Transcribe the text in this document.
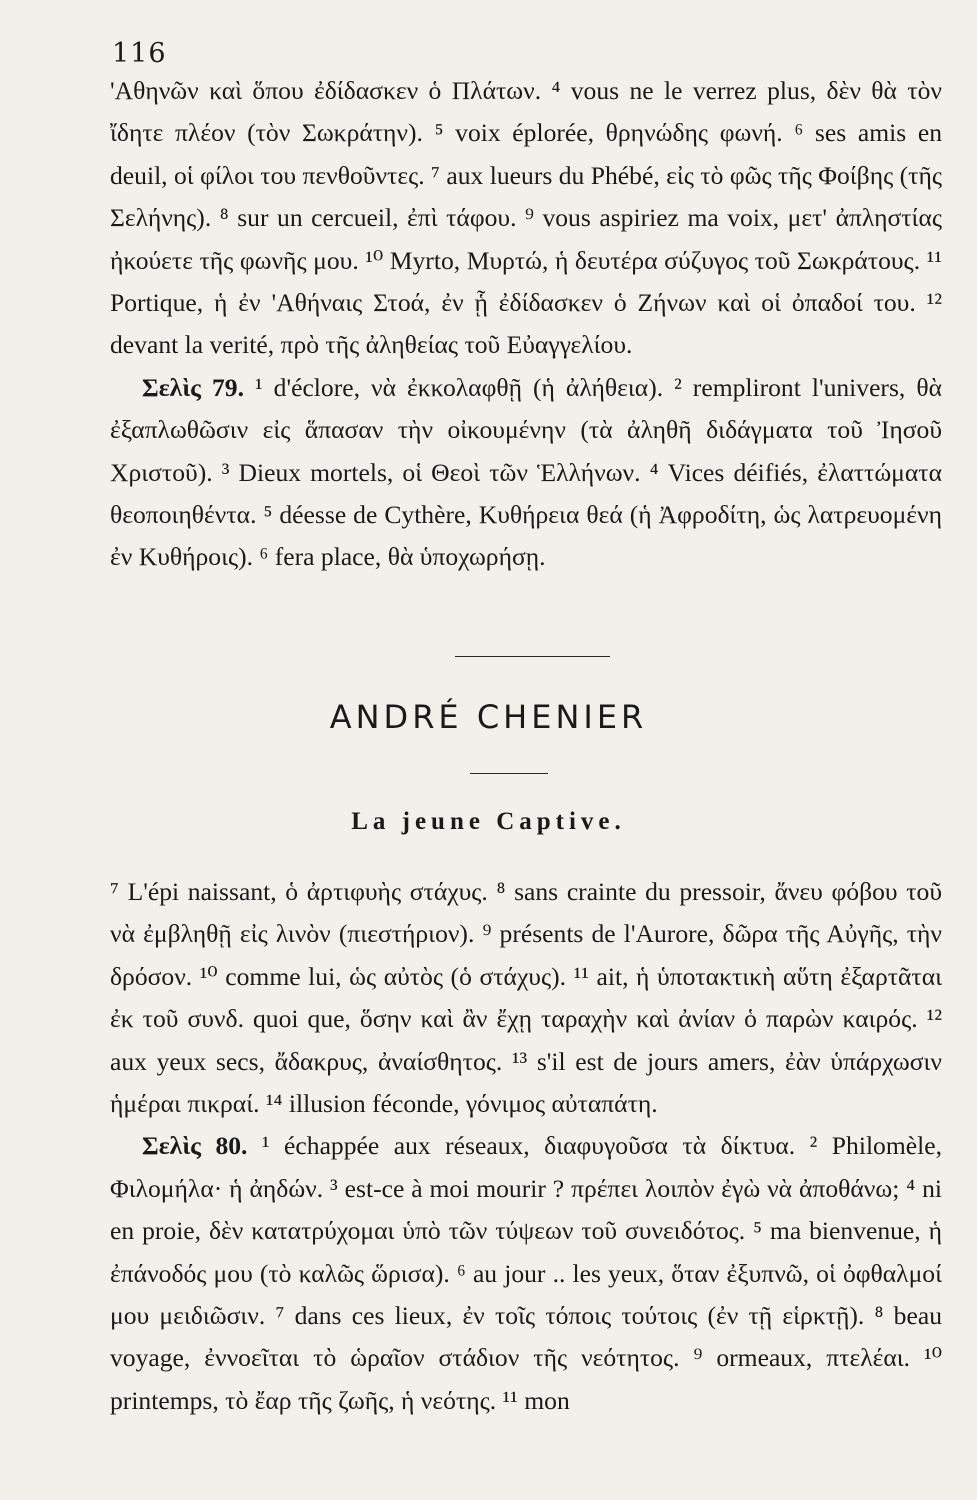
116

'Αθηνῶν καὶ ὅπου ἐδίδασκεν ὁ Πλάτων. ⁴ vous ne le verrez plus, δὲν θὰ τὸν ἴδητε πλέον (τὸν Σωκράτην). ⁵ voix éplorée, θρηνώδης φωνή. ⁶ ses amis en deuil, οἱ φίλοι του πενθοῦντες. ⁷ aux lueurs du Phébé, εἰς τὸ φῶς τῆς Φοίβης (τῆς Σελήνης). ⁸ sur un cercueil, ἐπὶ τάφου. ⁹ vous aspiriez ma voix, μετ' ἀπληστίας ἠκούετε τῆς φωνῆς μου. ¹⁰ Myrto, Μυρτώ, ἡ δευτέρα σύζυγος τοῦ Σωκράτους. ¹¹ Portique, ἡ ἐν 'Αθήναις Στοά, ἐν ᾗ ἐδίδασκεν ὁ Ζήνων καὶ οἱ ὀπαδοί του. ¹² devant la verité, πρὸ τῆς ἀληθείας τοῦ Εὐαγγελίου.

Σελὶς 79. ¹ d'éclore, νὰ ἐκκολαφθῇ (ἡ ἀλήθεια). ² rempliront l'univers, θὰ ἐξαπλωθῶσιν εἰς ἅπασαν τὴν οἰκουμένην (τὰ ἀληθῆ διδάγματα τοῦ Ἰησοῦ Χριστοῦ). ³ Dieux mortels, οἱ Θεοὶ τῶν Ἑλλήνων. ⁴ Vices déifiés, ἐλαττώματα θεοποιηθέντα. ⁵ déesse de Cythère, Κυθήρεια θεά (ἡ Ἀφροδίτη, ὡς λατρευομένη ἐν Κυθήροις). ⁶ fera place, θὰ ὑποχωρήσῃ.

ANDRÉ CHENIER
La jeune Captive.

⁷ L'épi naissant, ὁ ἀρτιφυὴς στάχυς. ⁸ sans crainte du pressoir, ἄνευ φόβου τοῦ νὰ ἐμβληθῇ εἰς λινὸν (πιεστήριον). ⁹ présents de l'Aurore, δῶρα τῆς Αὐγῆς, τὴν δρόσον. ¹⁰ comme lui, ὡς αὐτὸς (ὁ στάχυς). ¹¹ ait, ἡ ὑποτακτικὴ αὕτη ἐξαρτᾶται ἐκ τοῦ συνδ. quoi que, ὅσην καὶ ἂν ἔχῃ ταραχὴν καὶ ἀνίαν ὁ παρὼν καιρός. ¹² aux yeux secs, ἄδακρυς, ἀναίσθητος. ¹³ s'il est de jours amers, ἐὰν ὑπάρχωσιν ἡμέραι πικραί. ¹⁴ illusion féconde, γόνιμος αὐταπάτη.

Σελὶς 80. ¹ échappée aux réseaux, διαφυγοῦσα τὰ δίκτυα. ² Philomèle, Φιλομήλα· ἡ ἀηδών. ³ est-ce à moi mourir ? πρέπει λοιπὸν ἐγὼ νὰ ἀποθάνω; ⁴ ni en proie, δὲν κατατρύχομαι ὑπὸ τῶν τύψεων τοῦ συνειδότος. ⁵ ma bienvenue, ἡ ἐπάνοδός μου (τὸ καλῶς ὥρισα). ⁶ au jour .. les yeux, ὅταν ἐξυπνῶ, οἱ ὀφθαλμοί μου μειδιῶσιν. ⁷ dans ces lieux, ἐν τοῖς τόποις τούτοις (ἐν τῇ εἱρκτῇ). ⁸ beau voyage, ἐννοεῖται τὸ ὡραῖον στάδιον τῆς νεότητος. ⁹ ormeaux, πτελέαι. ¹⁰ printemps, τὸ ἔαρ τῆς ζωῆς, ἡ νεότης. ¹¹ mon
